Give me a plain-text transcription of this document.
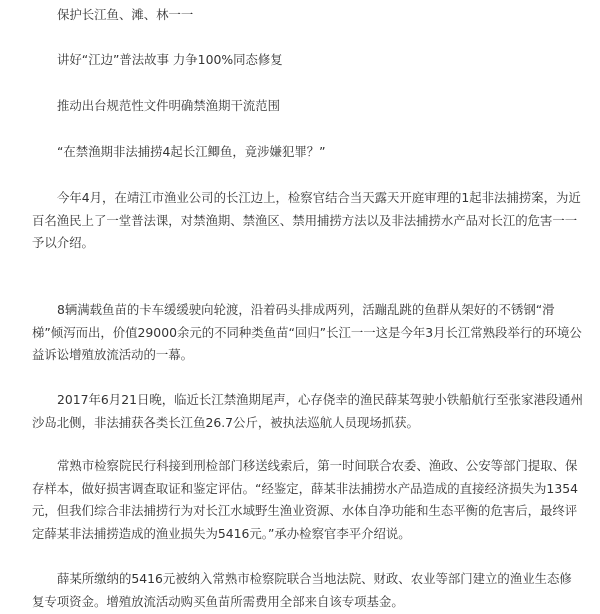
保护长江鱼、滩、林一一

讲好“江边”普法故事 力争100%同态修复

推动出台规范性文件明确禁渔期干流范围

“在禁渔期非法捕捞4起长江鲫鱼，竟涉嫌犯罪？”

今年4月，在靖江市渔业公司的长江边上，检察官结合当天露天开庭审理的1起非法捕捞案，为近百名渔民上了一堂普法课，对禁渔期、禁渔区、禁用捕捞方法以及非法捕捞水产品对长江的危害一一予以介绍。

8辆满载鱼苗的卡车缓缓驶向轮渡，沿着码头排成两列，活蹦乱跳的鱼群从架好的不锈钢“滑梯”倾泻而出，价值29000余元的不同种类鱼苗“回归”长江一一这是今年3月长江常熟段举行的环境公益诉讼增殖放流活动的一幕。

2017年6月21日晚，临近长江禁渔期尾声，心存侥幸的渔民薛某驾驶小铁船航行至张家港段通州沙岛北侧，非法捕获各类长江鱼26.7公斤，被执法巡航人员现场抓获。

常熟市检察院民行科接到刑检部门移送线索后，第一时间联合农委、渔政、公安等部门提取、保存样本，做好损害调查取证和鉴定评估。“经鉴定，薛某非法捕捞水产品造成的直接经济损失为1354元，但我们综合非法捕捞行为对长江水域野生渔业资源、水体自净功能和生态平衡的危害后，最终评定薛某非法捕捞造成的渔业损失为5416元。”承办检察官李平介绍说。

薛某所缴纳的5416元被纳入常熟市检察院联合当地法院、财政、农业等部门建立的渔业生态修复专项资金。增殖放流活动购买鱼苗所需费用全部来自该专项基金。
